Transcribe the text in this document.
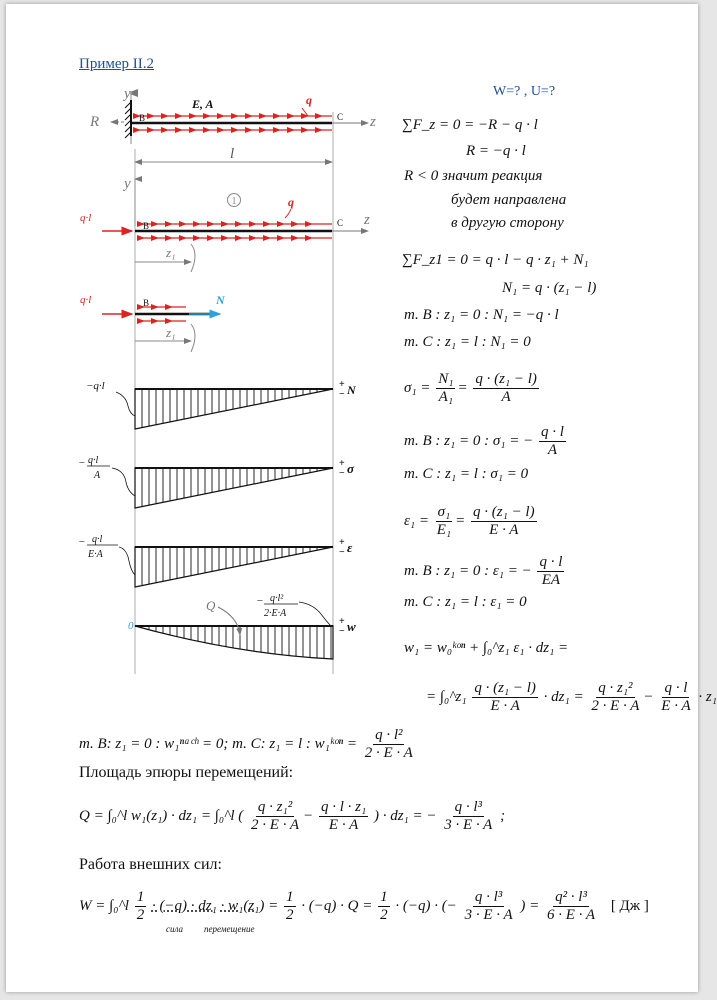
Пример II.2
W=? , U=?
y
R	B	C
E, A	q
z
l
y
1
q·l
B	C
q
z
z₁
q·l	B	N
z₁
−q·l	+
− N
− q·l
A
+
− σ
− q·l
E·A
+
− ε
0
Q	− q·l²
2·E·A
+
− w
∑F_z = 0 = −R − q · l
R = −q · l
R < 0 значит реакция
будет направлена
в другую сторону
∑F_z1 = 0 = q · l − q · z₁ + N₁
N₁ = q · (z₁ − l)
т. B : z₁ = 0 : N₁ = −q · l
т. C : z₁ = l : N₁ = 0
$\sigma_1 = \frac{\text{N₁}}{\text{A₁}} = \frac{\text{q · (z₁ − l)}}{A}$
т. B : z₁ = 0 : σ₁ = − $\frac{q \cdot l}{A}$
т. C : z₁ = l : σ₁ = 0
$\varepsilon_1 = \frac{\text{σ₁}}{\text{E₁}} = \frac{\text{q · (z₁ − l)}}{E \cdot A}$
т. B : z₁ = 0 : ε₁ = − $\frac{q \cdot l}{EA}$
т. C : z₁ = l : ε₁ = 0
w₁ = w₀ᵏᵒⁿ + ∫₀^z₁ ε₁ · dz₁ =
= ∫₀^z₁ $\frac{\text{q · (z₁ − l)}}{E \cdot A} \cdot dz_1 = \frac{\text{q · z₁²}}{2 \cdot E \cdot A} - \frac{q \cdot l}{E \cdot A} \cdot z_1$
т. B: z₁ = 0 : w₁ⁿᵃᶜʰ = 0; т. C: z₁ = l : w₁ᵏᵒⁿ = $\frac{\text{q · l²}}{2 \cdot E \cdot A}$
Площадь эпюры перемещений:
Q = ∫₀^l w₁(z₁) · dz₁ = ∫₀^l ( $\frac{\text{q · z₁²}}{2 \cdot E \cdot A} - \frac{\text{q · l · z₁}}{E \cdot A}$ ) · dz₁ = − $\frac{\text{q · l³}}{3 \cdot E \cdot A}$ ;
Работа внешних сил:
W = ∫₀^l $\frac{1}{2} \cdot (-q) \cdot dz_1 \cdot w_1(z_1) = \frac{1}{2} \cdot (-q) \cdot Q = \frac{1}{2} \cdot (-q)$ · (− $\frac{\text{q · l³}}{3 \cdot E \cdot A}$ ) = $\frac{\text{q² · l³}}{6 \cdot E \cdot A}$ [ Дж ]
сила перемещение
